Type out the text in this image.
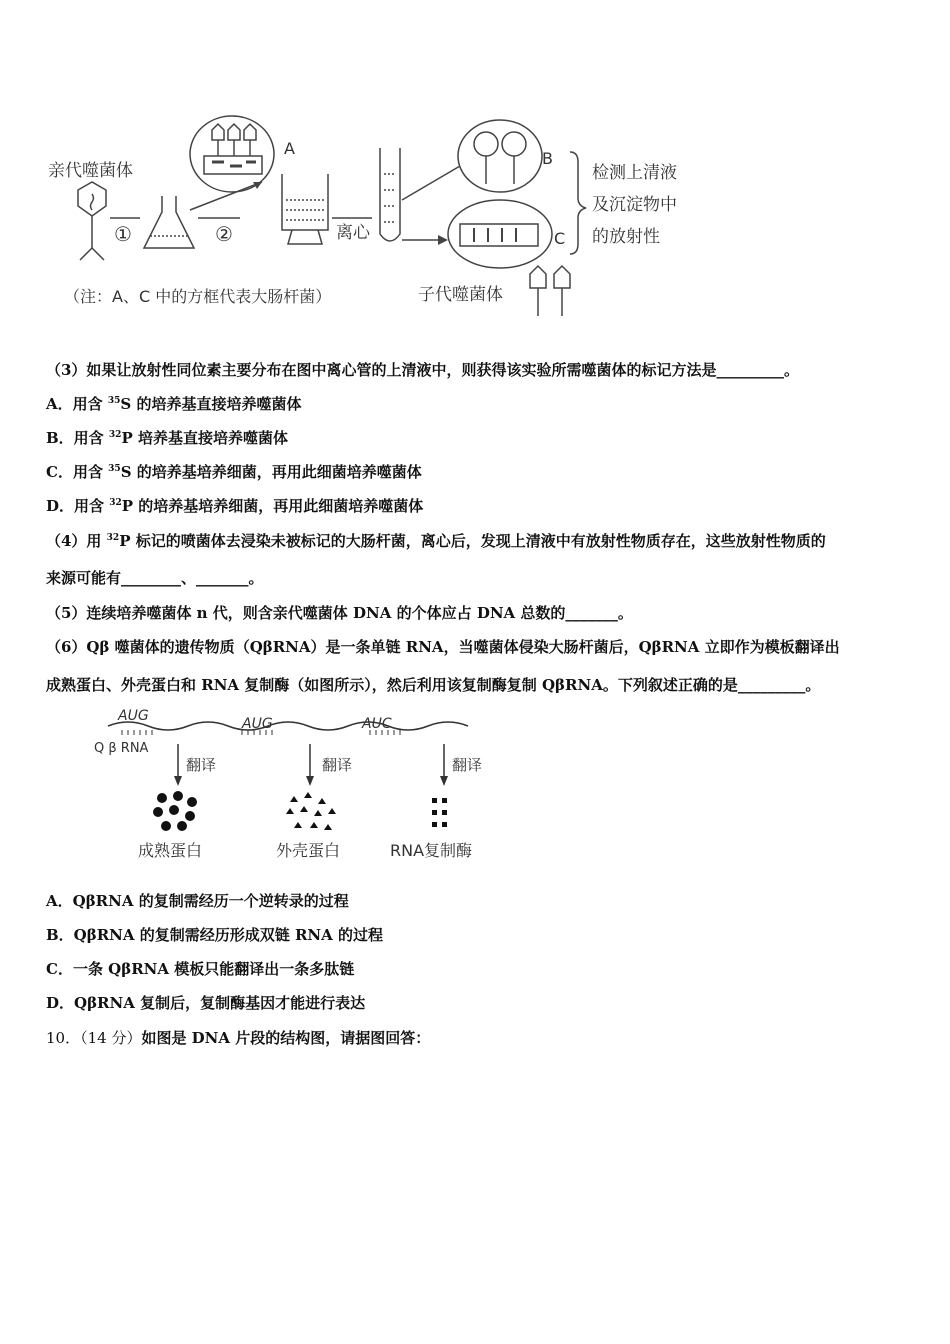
亲代噬菌体
①	②
A
离心
B
C
检测上清液
及沉淀物中
的放射性
（注：A、C 中的方框代表大肠杆菌）	子代噬菌体
（3）如果让放射性同位素主要分布在图中离心管的上清液中，则获得该实验所需噬菌体的标记方法是_________。
A．用含 $^{35}$S 的培养基直接培养噬菌体
B．用含 $^{32}$P 培养基直接培养噬菌体
C．用含 $^{35}$S 的培养基培养细菌，再用此细菌培养噬菌体
D．用含 $^{32}$P 的培养基培养细菌，再用此细菌培养噬菌体
（4）用 $^{32}$P 标记的喷菌体去浸染未被标记的大肠杆菌，离心后，发现上清液中有放射性物质存在，这些放射性物质的
来源可能有________、_______。
（5）连续培养噬菌体 n 代，则含亲代噬菌体 DNA 的个体应占 DNA 总数的_______。
（6）Qβ 噬菌体的遗传物质（QβRNA）是一条单链 RNA，当噬菌体侵染大肠杆菌后，QβRNA 立即作为模板翻译出
成熟蛋白、外壳蛋白和 RNA 复制酶（如图所示），然后利用该复制酶复制 QβRNA。下列叙述正确的是_________。
AUG	AUG	AUC
Q β RNA
翻译	翻译	翻译
成熟蛋白	外壳蛋白	RNA复制酶
A．QβRNA 的复制需经历一个逆转录的过程
B．QβRNA 的复制需经历形成双链 RNA 的过程
C．一条 QβRNA 模板只能翻译出一条多肽链
D．QβRNA 复制后，复制酶基因才能进行表达
10．（14 分）如图是 DNA 片段的结构图，请据图回答：
